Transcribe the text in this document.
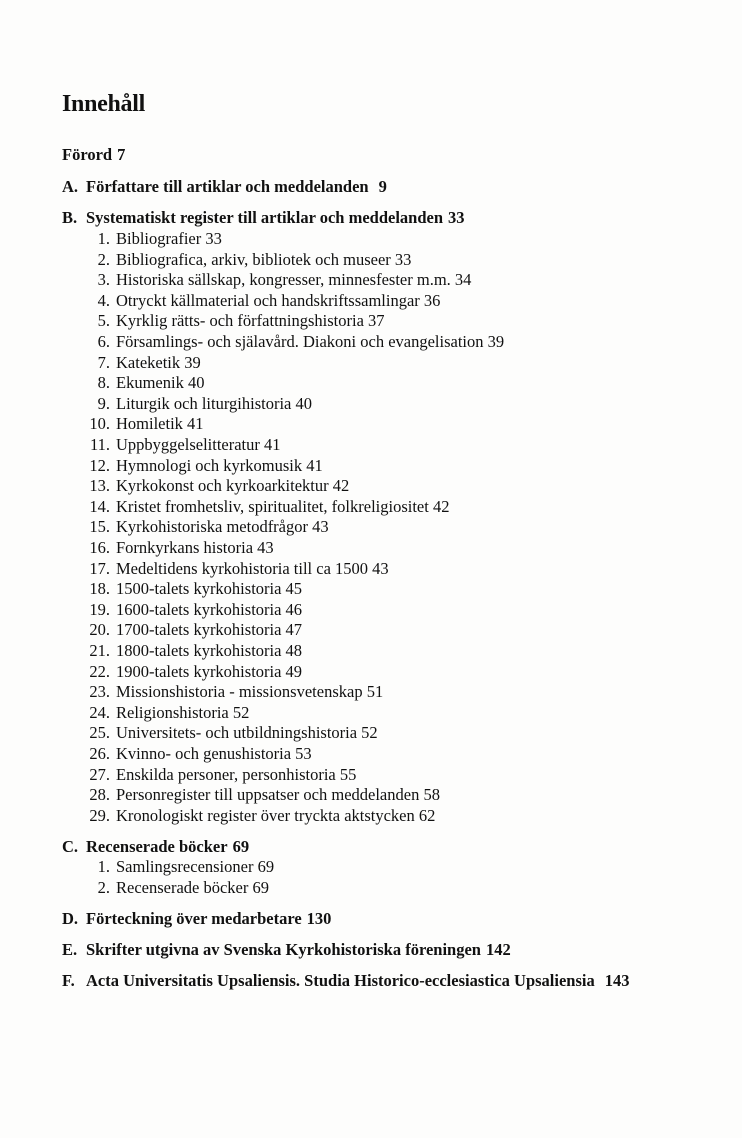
Innehåll
Förord 7
A. Författare till artiklar och meddelanden 9
B. Systematiskt register till artiklar och meddelanden 33
1. Bibliografier 33
2. Bibliografica, arkiv, bibliotek och museer 33
3. Historiska sällskap, kongresser, minnesfester m.m. 34
4. Otryckt källmaterial och handskriftssamlingar 36
5. Kyrklig rätts- och författningshistoria 37
6. Församlings- och själavård. Diakoni och evangelisation 39
7. Kateketik 39
8. Ekumenik 40
9. Liturgik och liturgihistoria 40
10. Homiletik 41
11. Uppbyggelselitteratur 41
12. Hymnologi och kyrkomusik 41
13. Kyrkokonst och kyrkoarkitektur 42
14. Kristet fromhetsliv, spiritualitet, folkreligiositet 42
15. Kyrkohistoriska metodfrågor 43
16. Fornkyrkans historia 43
17. Medeltidens kyrkohistoria till ca 1500 43
18. 1500-talets kyrkohistoria 45
19. 1600-talets kyrkohistoria 46
20. 1700-talets kyrkohistoria 47
21. 1800-talets kyrkohistoria 48
22. 1900-talets kyrkohistoria 49
23. Missionshistoria - missionsvetenskap 51
24. Religionshistoria 52
25. Universitets- och utbildningshistoria 52
26. Kvinno- och genushistoria 53
27. Enskilda personer, personhistoria 55
28. Personregister till uppsatser och meddelanden 58
29. Kronologiskt register över tryckta aktstycken 62
C. Recenserade böcker 69
1. Samlingsrecensioner 69
2. Recenserade böcker 69
D. Förteckning över medarbetare 130
E. Skrifter utgivna av Svenska Kyrkohistoriska föreningen 142
F. Acta Universitatis Upsaliensis. Studia Historico-ecclesiastica Upsaliensia 143
